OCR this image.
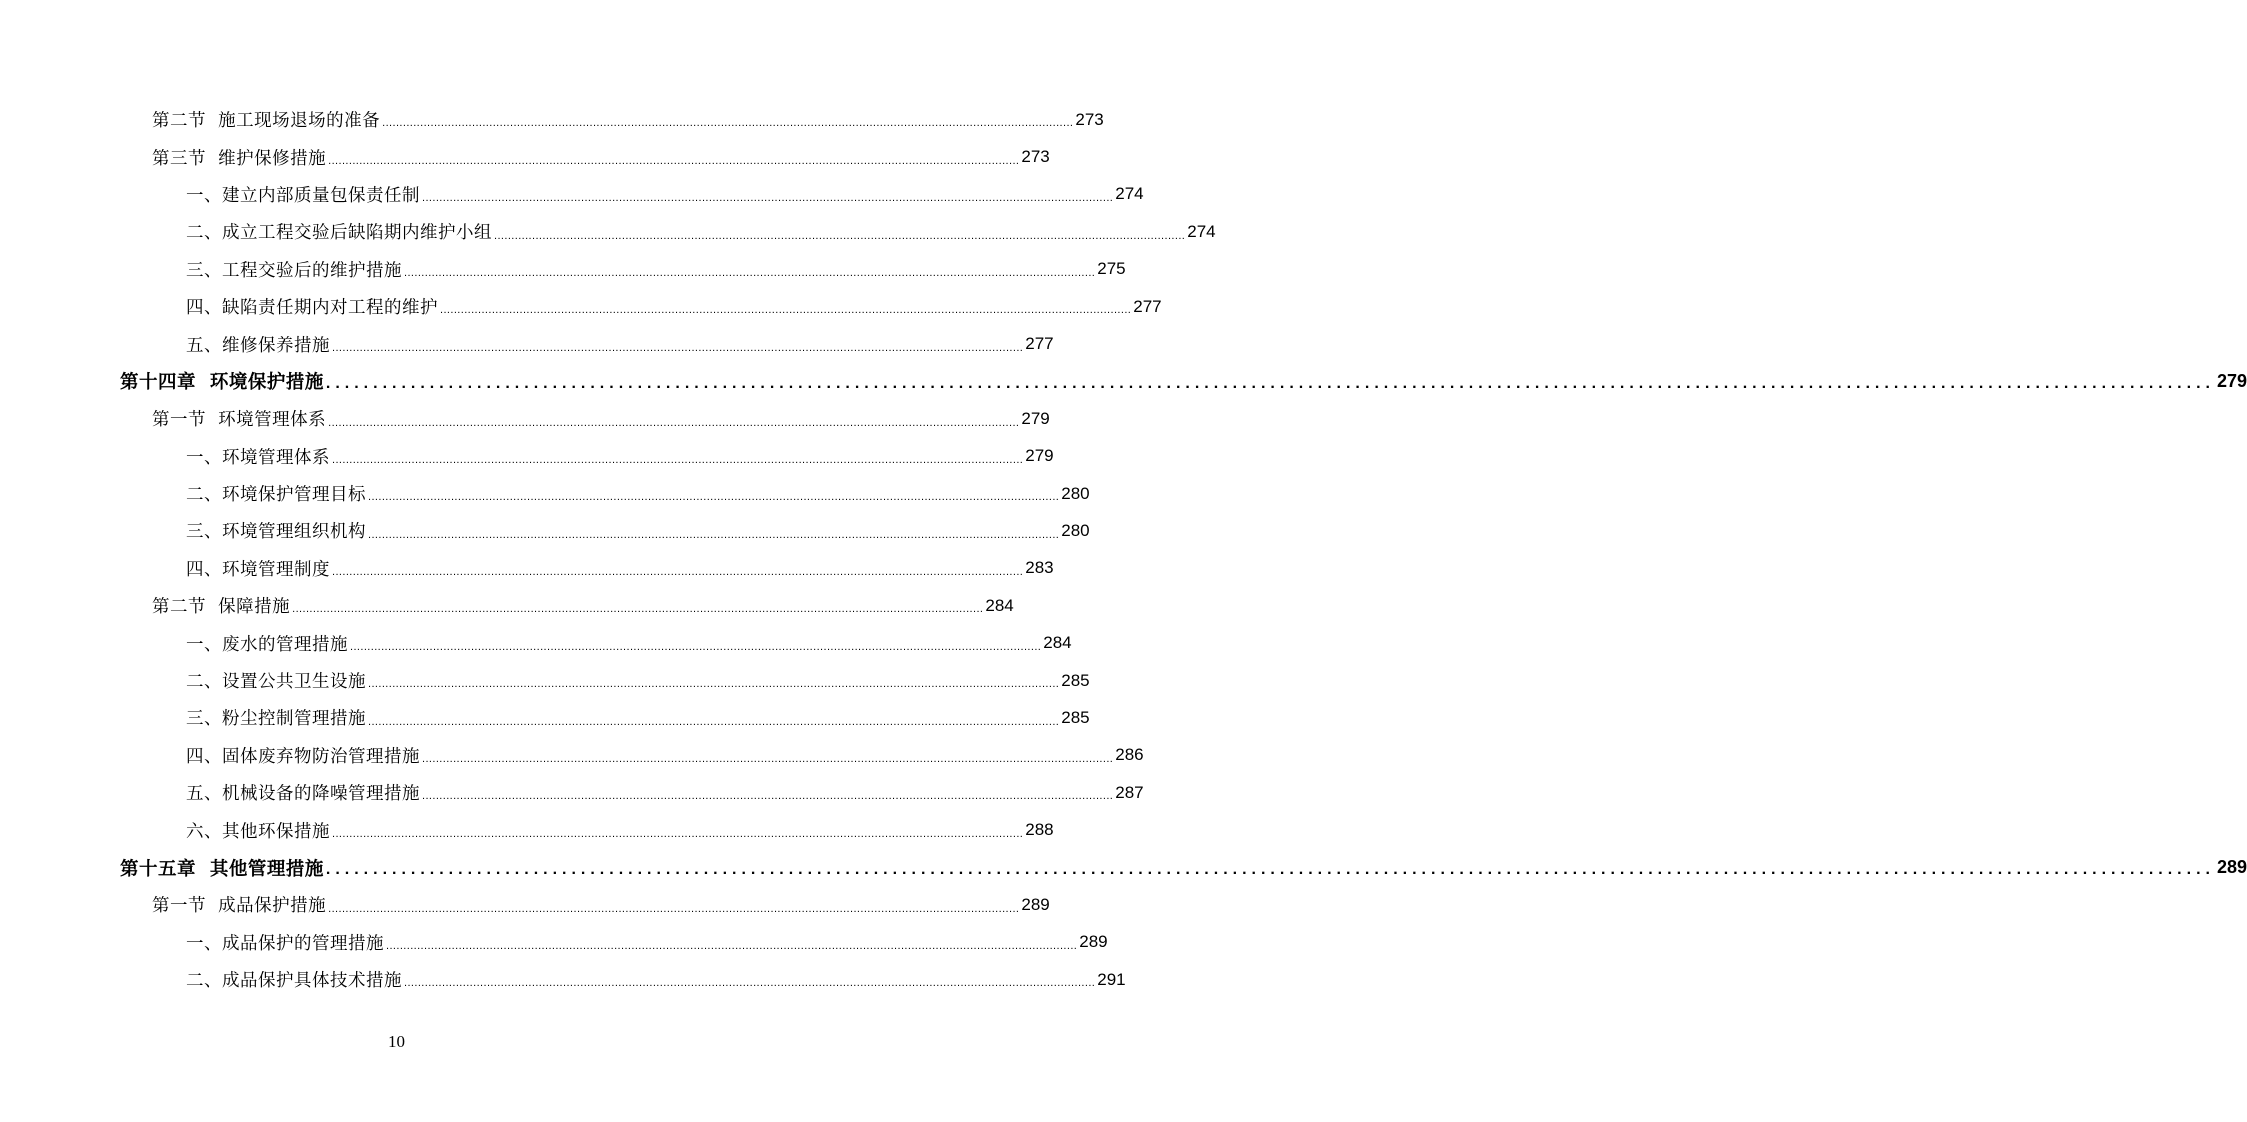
第二节  施工现场退场的准备 ........................................................................................................................................................................................................ 273
第三节  维护保修措施 ........................................................................................................................................................................................................ 273
一、建立内部质量包保责任制 ........................................................................................................................................................................................................ 274
二、成立工程交验后缺陷期内维护小组 ........................................................................................................................................................................................................ 274
三、工程交验后的维护措施 ........................................................................................................................................................................................................ 275
四、缺陷责任期内对工程的维护 ........................................................................................................................................................................................................ 277
五、维修保养措施 ........................................................................................................................................................................................................ 277
第十四章  环境保护措施 ........................................................................................................................................................................................................ 279
第一节  环境管理体系 ........................................................................................................................................................................................................ 279
一、环境管理体系 ........................................................................................................................................................................................................ 279
二、环境保护管理目标 ........................................................................................................................................................................................................ 280
三、环境管理组织机构 ........................................................................................................................................................................................................ 280
四、环境管理制度 ........................................................................................................................................................................................................ 283
第二节  保障措施 ........................................................................................................................................................................................................ 284
一、废水的管理措施 ........................................................................................................................................................................................................ 284
二、设置公共卫生设施 ........................................................................................................................................................................................................ 285
三、粉尘控制管理措施 ........................................................................................................................................................................................................ 285
四、固体废弃物防治管理措施 ........................................................................................................................................................................................................ 286
五、机械设备的降噪管理措施 ........................................................................................................................................................................................................ 287
六、其他环保措施 ........................................................................................................................................................................................................ 288
第十五章  其他管理措施 ........................................................................................................................................................................................................ 289
第一节  成品保护措施 ........................................................................................................................................................................................................ 289
一、成品保护的管理措施 ........................................................................................................................................................................................................ 289
二、成品保护具体技术措施 ........................................................................................................................................................................................................ 291
10
